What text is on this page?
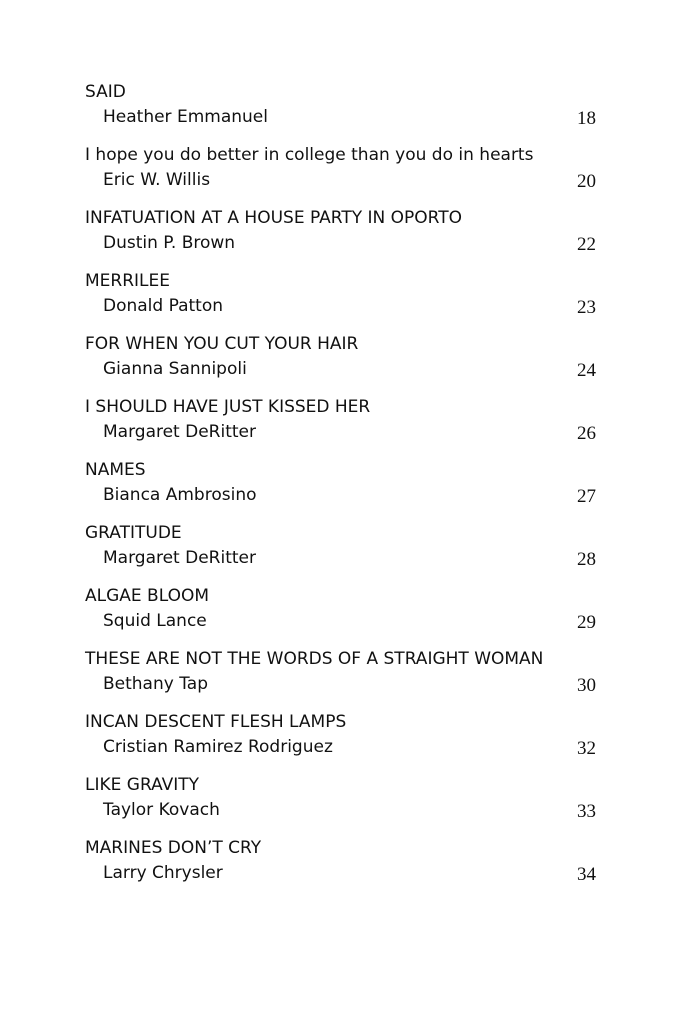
SAID
Heather Emmanuel	18
I hope you do better in college than you do in hearts
Eric W. Willis	20
INFATUATION AT A HOUSE PARTY IN OPORTO
Dustin P. Brown	22
MERRILEE
Donald Patton	23
FOR WHEN YOU CUT YOUR HAIR
Gianna Sannipoli	24
I SHOULD HAVE JUST KISSED HER
Margaret DeRitter	26
NAMES
Bianca Ambrosino	27
GRATITUDE
Margaret DeRitter	28
ALGAE BLOOM
Squid Lance	29
THESE ARE NOT THE WORDS OF A STRAIGHT WOMAN
Bethany Tap	30
INCAN DESCENT FLESH LAMPS
Cristian Ramirez Rodriguez	32
LIKE GRAVITY
Taylor Kovach	33
MARINES DON’T CRY
Larry Chrysler	34
